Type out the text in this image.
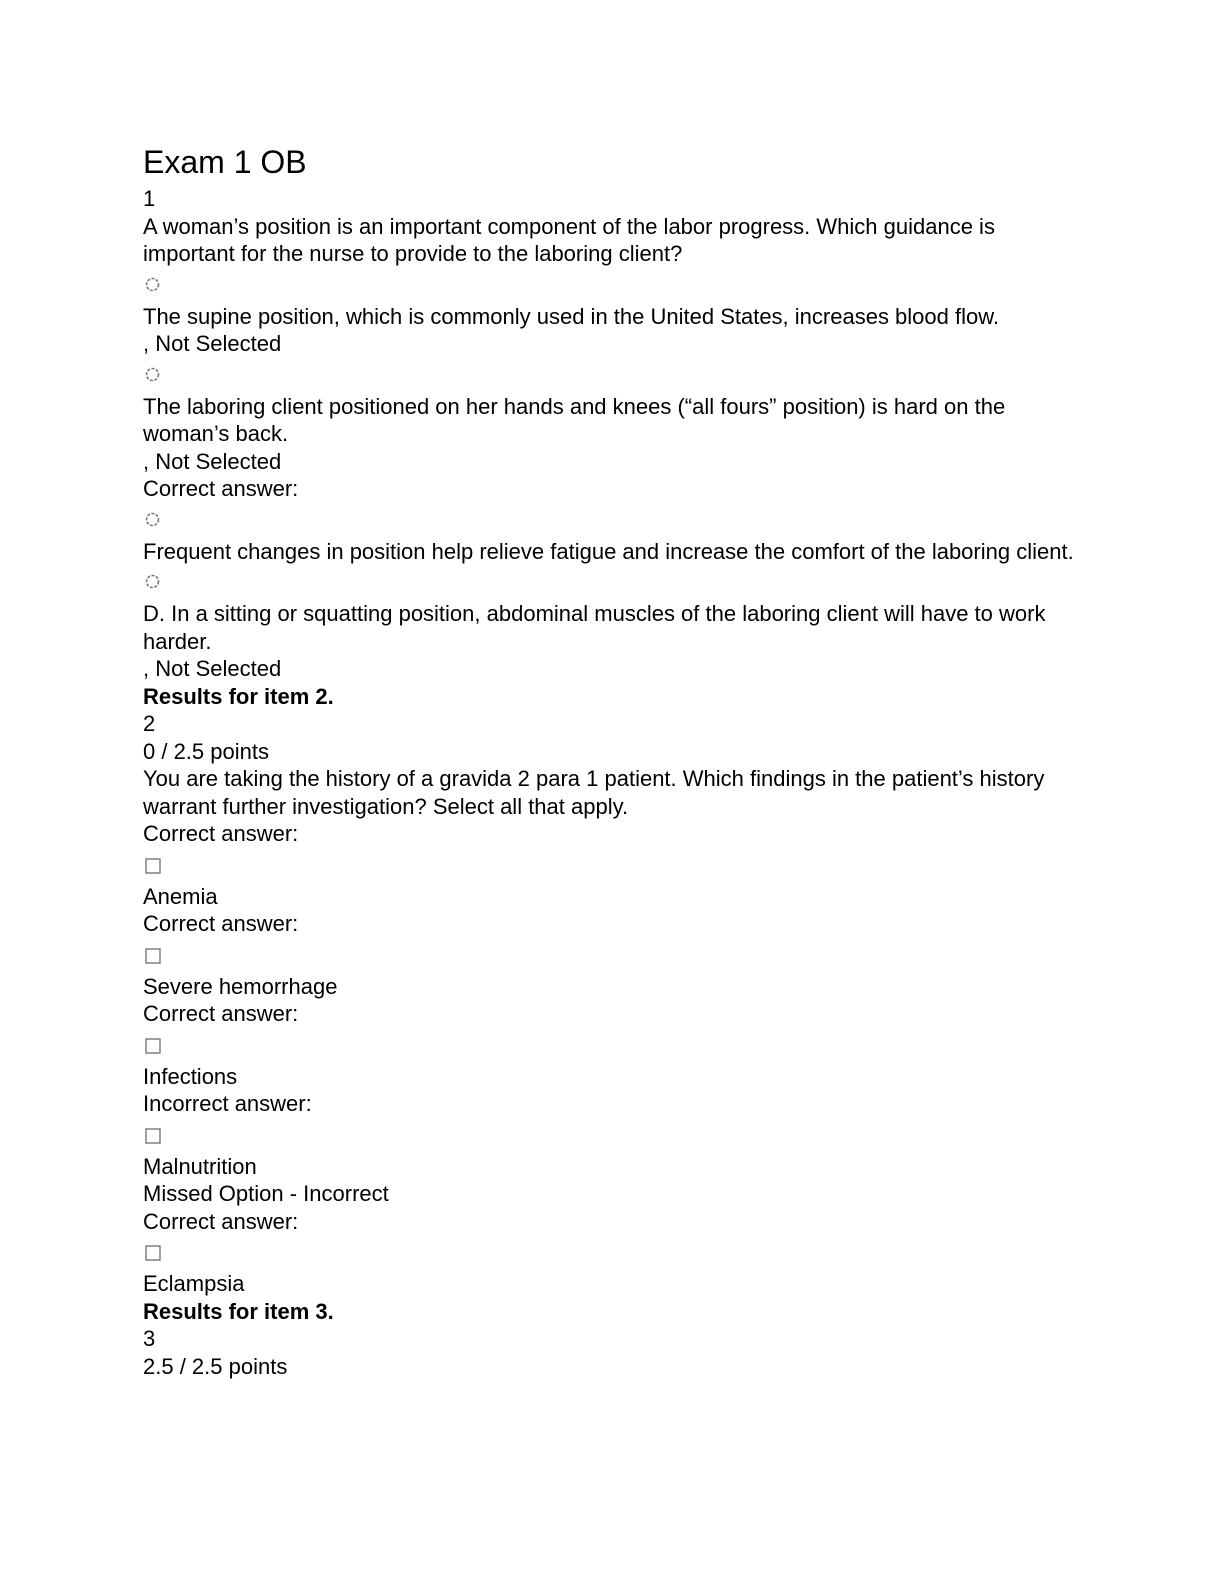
Exam 1 OB
1
A woman’s position is an important component of the labor progress. Which guidance is important for the nurse to provide to the laboring client?
The supine position, which is commonly used in the United States, increases blood flow.
, Not Selected
The laboring client positioned on her hands and knees (“all fours” position) is hard on the woman’s back.
, Not Selected
Correct answer:
Frequent changes in position help relieve fatigue and increase the comfort of the laboring client.
D. In a sitting or squatting position, abdominal muscles of the laboring client will have to work harder.
, Not Selected
Results for item 2.
2
0 / 2.5 points
You are taking the history of a gravida 2 para 1 patient. Which findings in the patient’s history warrant further investigation? Select all that apply.
Correct answer:
Anemia
Correct answer:
Severe hemorrhage
Correct answer:
Infections
Incorrect answer:
Malnutrition
Missed Option - Incorrect
Correct answer:
Eclampsia
Results for item 3.
3
2.5 / 2.5 points
